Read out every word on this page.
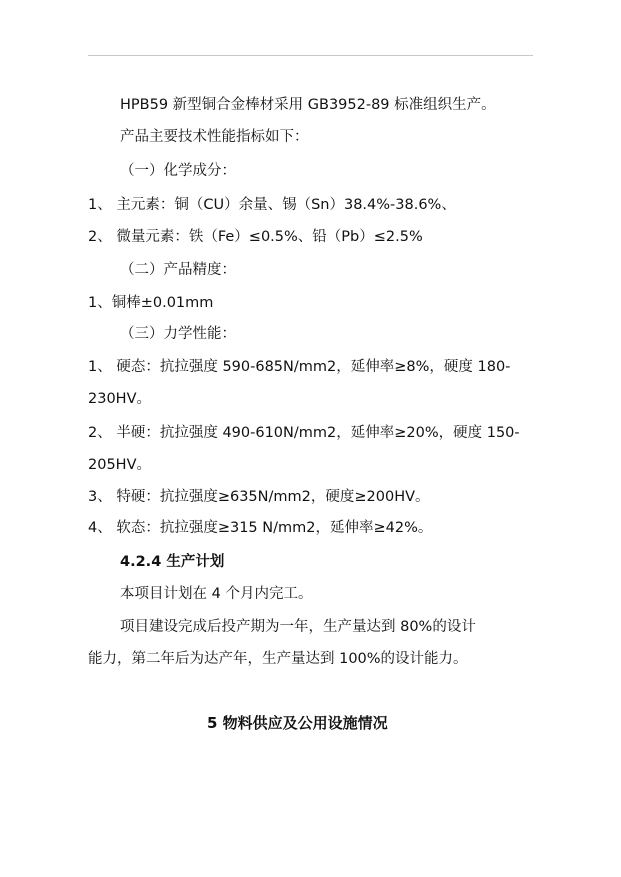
HPB59 新型铜合金棒材采用 GB3952-89 标准组织生产。
产品主要技术性能指标如下：
（一）化学成分：
1、 主元素：铜（CU）余量、锡（Sn）38.4%-38.6%、
2、 微量元素：铁（Fe）≤0.5%、铅（Pb）≤2.5%
（二）产品精度：
1、铜棒±0.01mm
（三）力学性能：
1、 硬态：抗拉强度 590-685N/mm2，延伸率≥8%，硬度 180-
230HV。
2、 半硬：抗拉强度 490-610N/mm2，延伸率≥20%，硬度 150-
205HV。
3、 特硬：抗拉强度≥635N/mm2，硬度≥200HV。
4、 软态：抗拉强度≥315 N/mm2，延伸率≥42%。
4.2.4 生产计划
本项目计划在 4 个月内完工。
项目建设完成后投产期为一年，生产量达到 80%的设计
能力，第二年后为达产年，生产量达到 100%的设计能力。
5 物料供应及公用设施情况
